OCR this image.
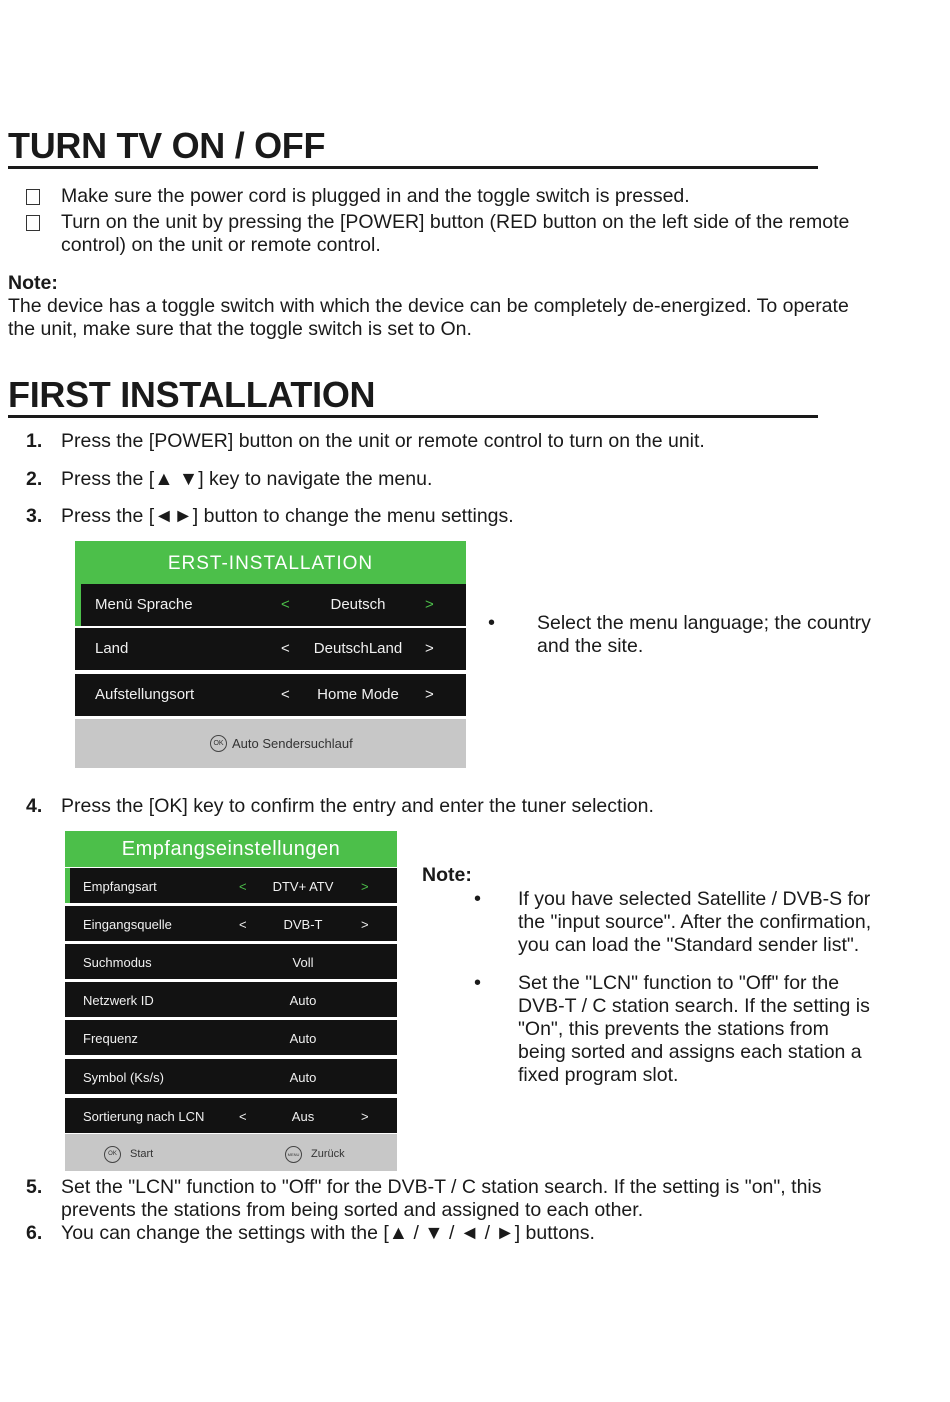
TURN TV ON / OFF
Make sure the power cord is plugged in and the toggle switch is pressed.
Turn on the unit by pressing the [POWER] button (RED button on the left side of the remote
control) on the unit or remote control.
Note:
The device has a toggle switch with which the device can be completely de-energized. To operate
the unit, make sure that the toggle switch is set to On.
FIRST INSTALLATION
1. Press the [POWER] button on the unit or remote control to turn on the unit.
2. Press the [▲ ▼] key to navigate the menu.
3. Press the [◄►] button to change the menu settings.
ERST-INSTALLATION
Menü Sprache	<	Deutsch	>
Land	<	DeutschLand	>
Aufstellungsort	<	Home Mode	>
OK Auto Sendersuchlauf
• Select the menu language; the country
and the site.
4. Press the [OK] key to confirm the entry and enter the tuner selection.
Empfangseinstellungen
Empfangsart	<	DTV+ ATV	>
Eingangsquelle	<	DVB-T	>
Suchmodus	Voll
Netzwerk ID	Auto
Frequenz	Auto
Symbol (Ks/s)	Auto
Sortierung nach LCN	<	Aus	>
OK	Start	MENU Zurück
Note:
• If you have selected Satellite / DVB-S for
the "input source". After the confirmation,
you can load the "Standard sender list".
• Set the "LCN" function to "Off" for the
DVB-T / C station search. If the setting is
"On", this prevents the stations from
being sorted and assigns each station a
fixed program slot.
5. Set the "LCN" function to "Off" for the DVB-T / C station search. If the setting is "on", this
prevents the stations from being sorted and assigned to each other.
6. You can change the settings with the [▲ / ▼ / ◄ / ►] buttons.
